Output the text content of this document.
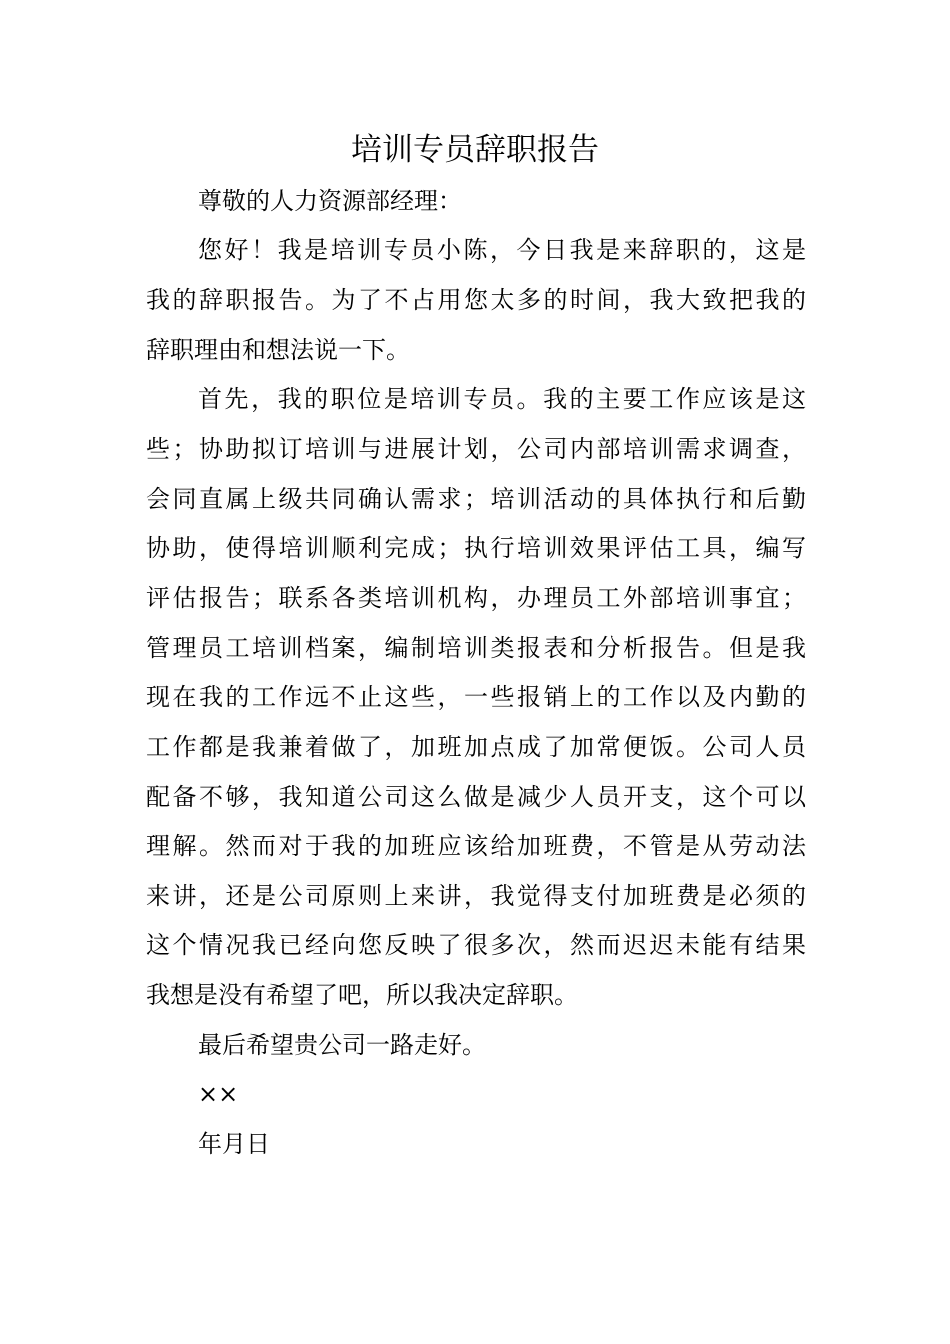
培训专员辞职报告
尊敬的人力资源部经理：
您好！我是培训专员小陈，今日我是来辞职的，这是
我的辞职报告。为了不占用您太多的时间，我大致把我的
辞职理由和想法说一下。
首先，我的职位是培训专员。我的主要工作应该是这
些；协助拟订培训与进展计划，公司内部培训需求调查，
会同直属上级共同确认需求；培训活动的具体执行和后勤
协助，使得培训顺利完成；执行培训效果评估工具，编写
评估报告；联系各类培训机构，办理员工外部培训事宜；
管理员工培训档案，编制培训类报表和分析报告。但是我
现在我的工作远不止这些，一些报销上的工作以及内勤的
工作都是我兼着做了，加班加点成了加常便饭。公司人员
配备不够，我知道公司这么做是减少人员开支，这个可以
理解。然而对于我的加班应该给加班费，不管是从劳动法
来讲，还是公司原则上来讲，我觉得支付加班费是必须的
这个情况我已经向您反映了很多次，然而迟迟未能有结果
我想是没有希望了吧，所以我决定辞职。
最后希望贵公司一路走好。
××
年月日
